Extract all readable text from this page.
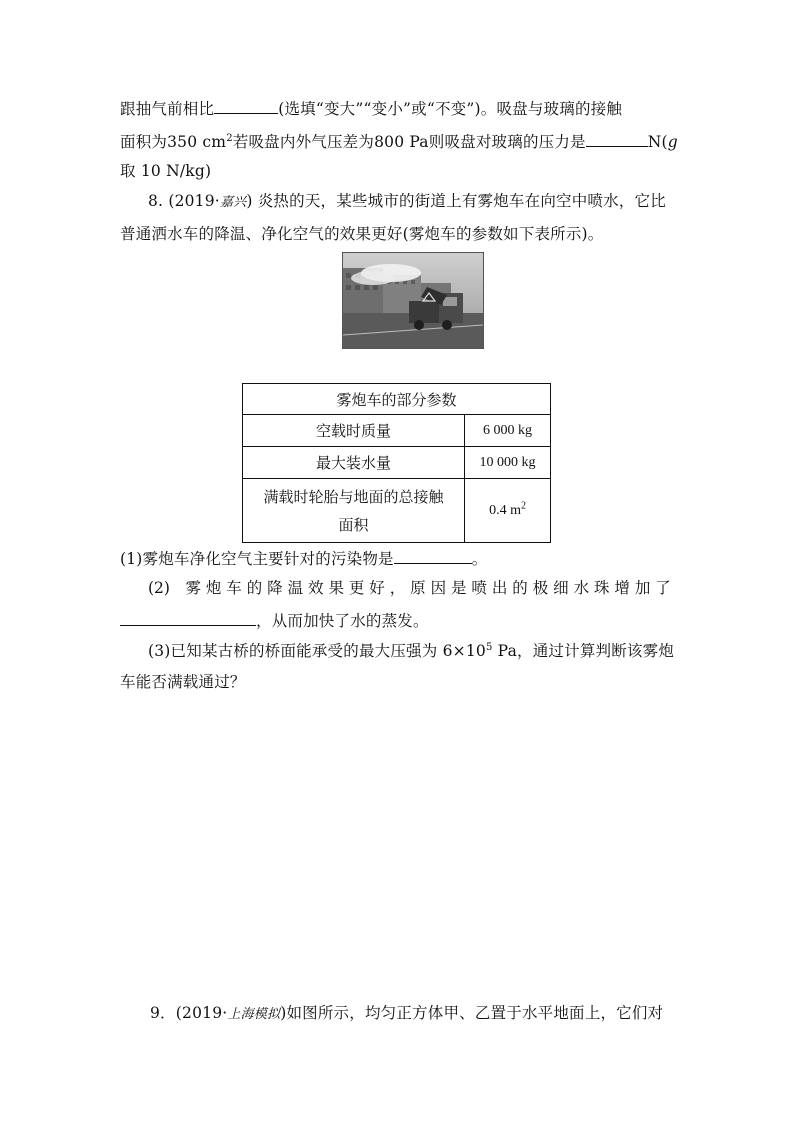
跟抽气前相比	(选填“变大”“变小”或“不变”)。吸盘与玻璃的接触
面积为350 $cm^2$若吸盘内外气压差为800 Pa则吸盘对玻璃的压力是	N(g
取 10 N/kg)
8. (2019·嘉兴) 炎热的天，某些城市的街道上有雾炮车在向空中喷水，它比
普通洒水车的降温、净化空气的效果更好(雾炮车的参数如下表所示)。
雾炮车的部分参数	
空载时质量	6 000 kg
最大装水量	10 000 kg
满载时轮胎与地面的总接触
面积	0.4 $m^2$
(1)雾炮车净化空气主要针对的污染物是	。
(2)　雾 炮 车 的 降 温 效 果 更 好 ， 原 因 是 喷 出 的 极 细 水 珠 增 加 了
，从而加快了水的蒸发。
(3)已知某古桥的桥面能承受的最大压强为 $6\times 10^5$ Pa，通过计算判断该雾炮
车能否满载通过？
9．(2019·上海模拟)如图所示，均匀正方体甲、乙置于水平地面上，它们对
